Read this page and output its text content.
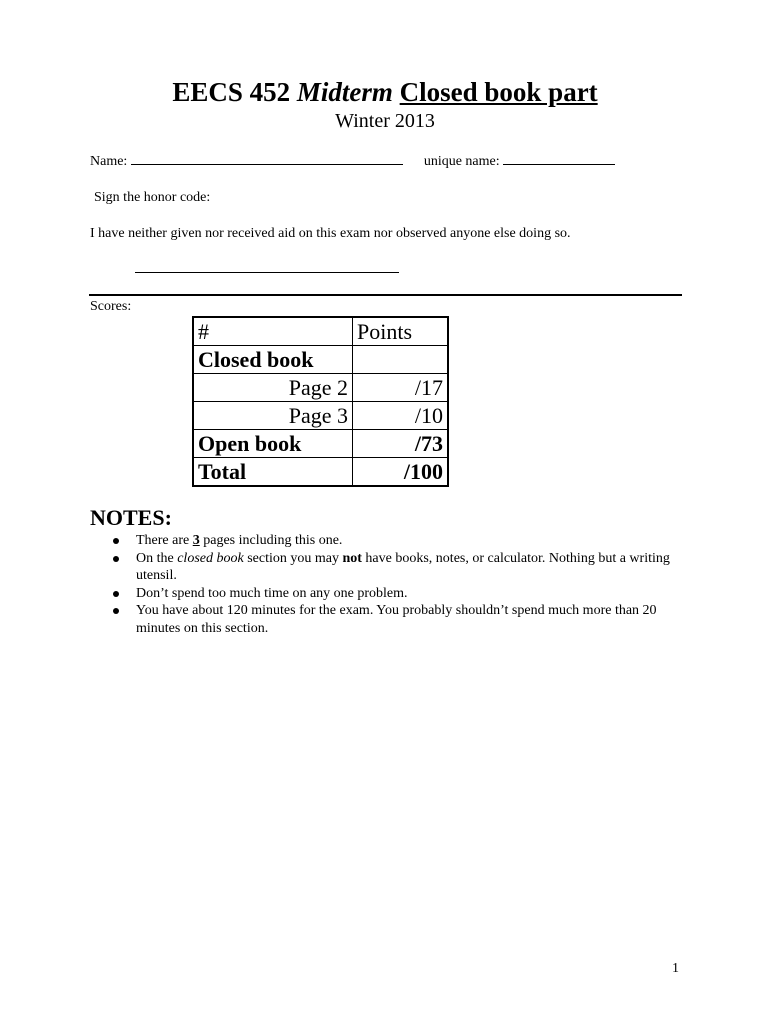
EECS 452 Midterm Closed book part
Winter 2013
Name:	unique name:
Sign the honor code:
I have neither given nor received aid on this exam nor observed anyone else doing so.
Scores:
#	Points
Closed book	
Page 2	/17
Page 3	/10
Open book	/73
Total	/100
NOTES:
There are 3 pages including this one.
On the closed book section you may not have books, notes, or calculator. Nothing but a writing utensil.
Don’t spend too much time on any one problem.
You have about 120 minutes for the exam. You probably shouldn’t spend much more than 20 minutes on this section.
1
